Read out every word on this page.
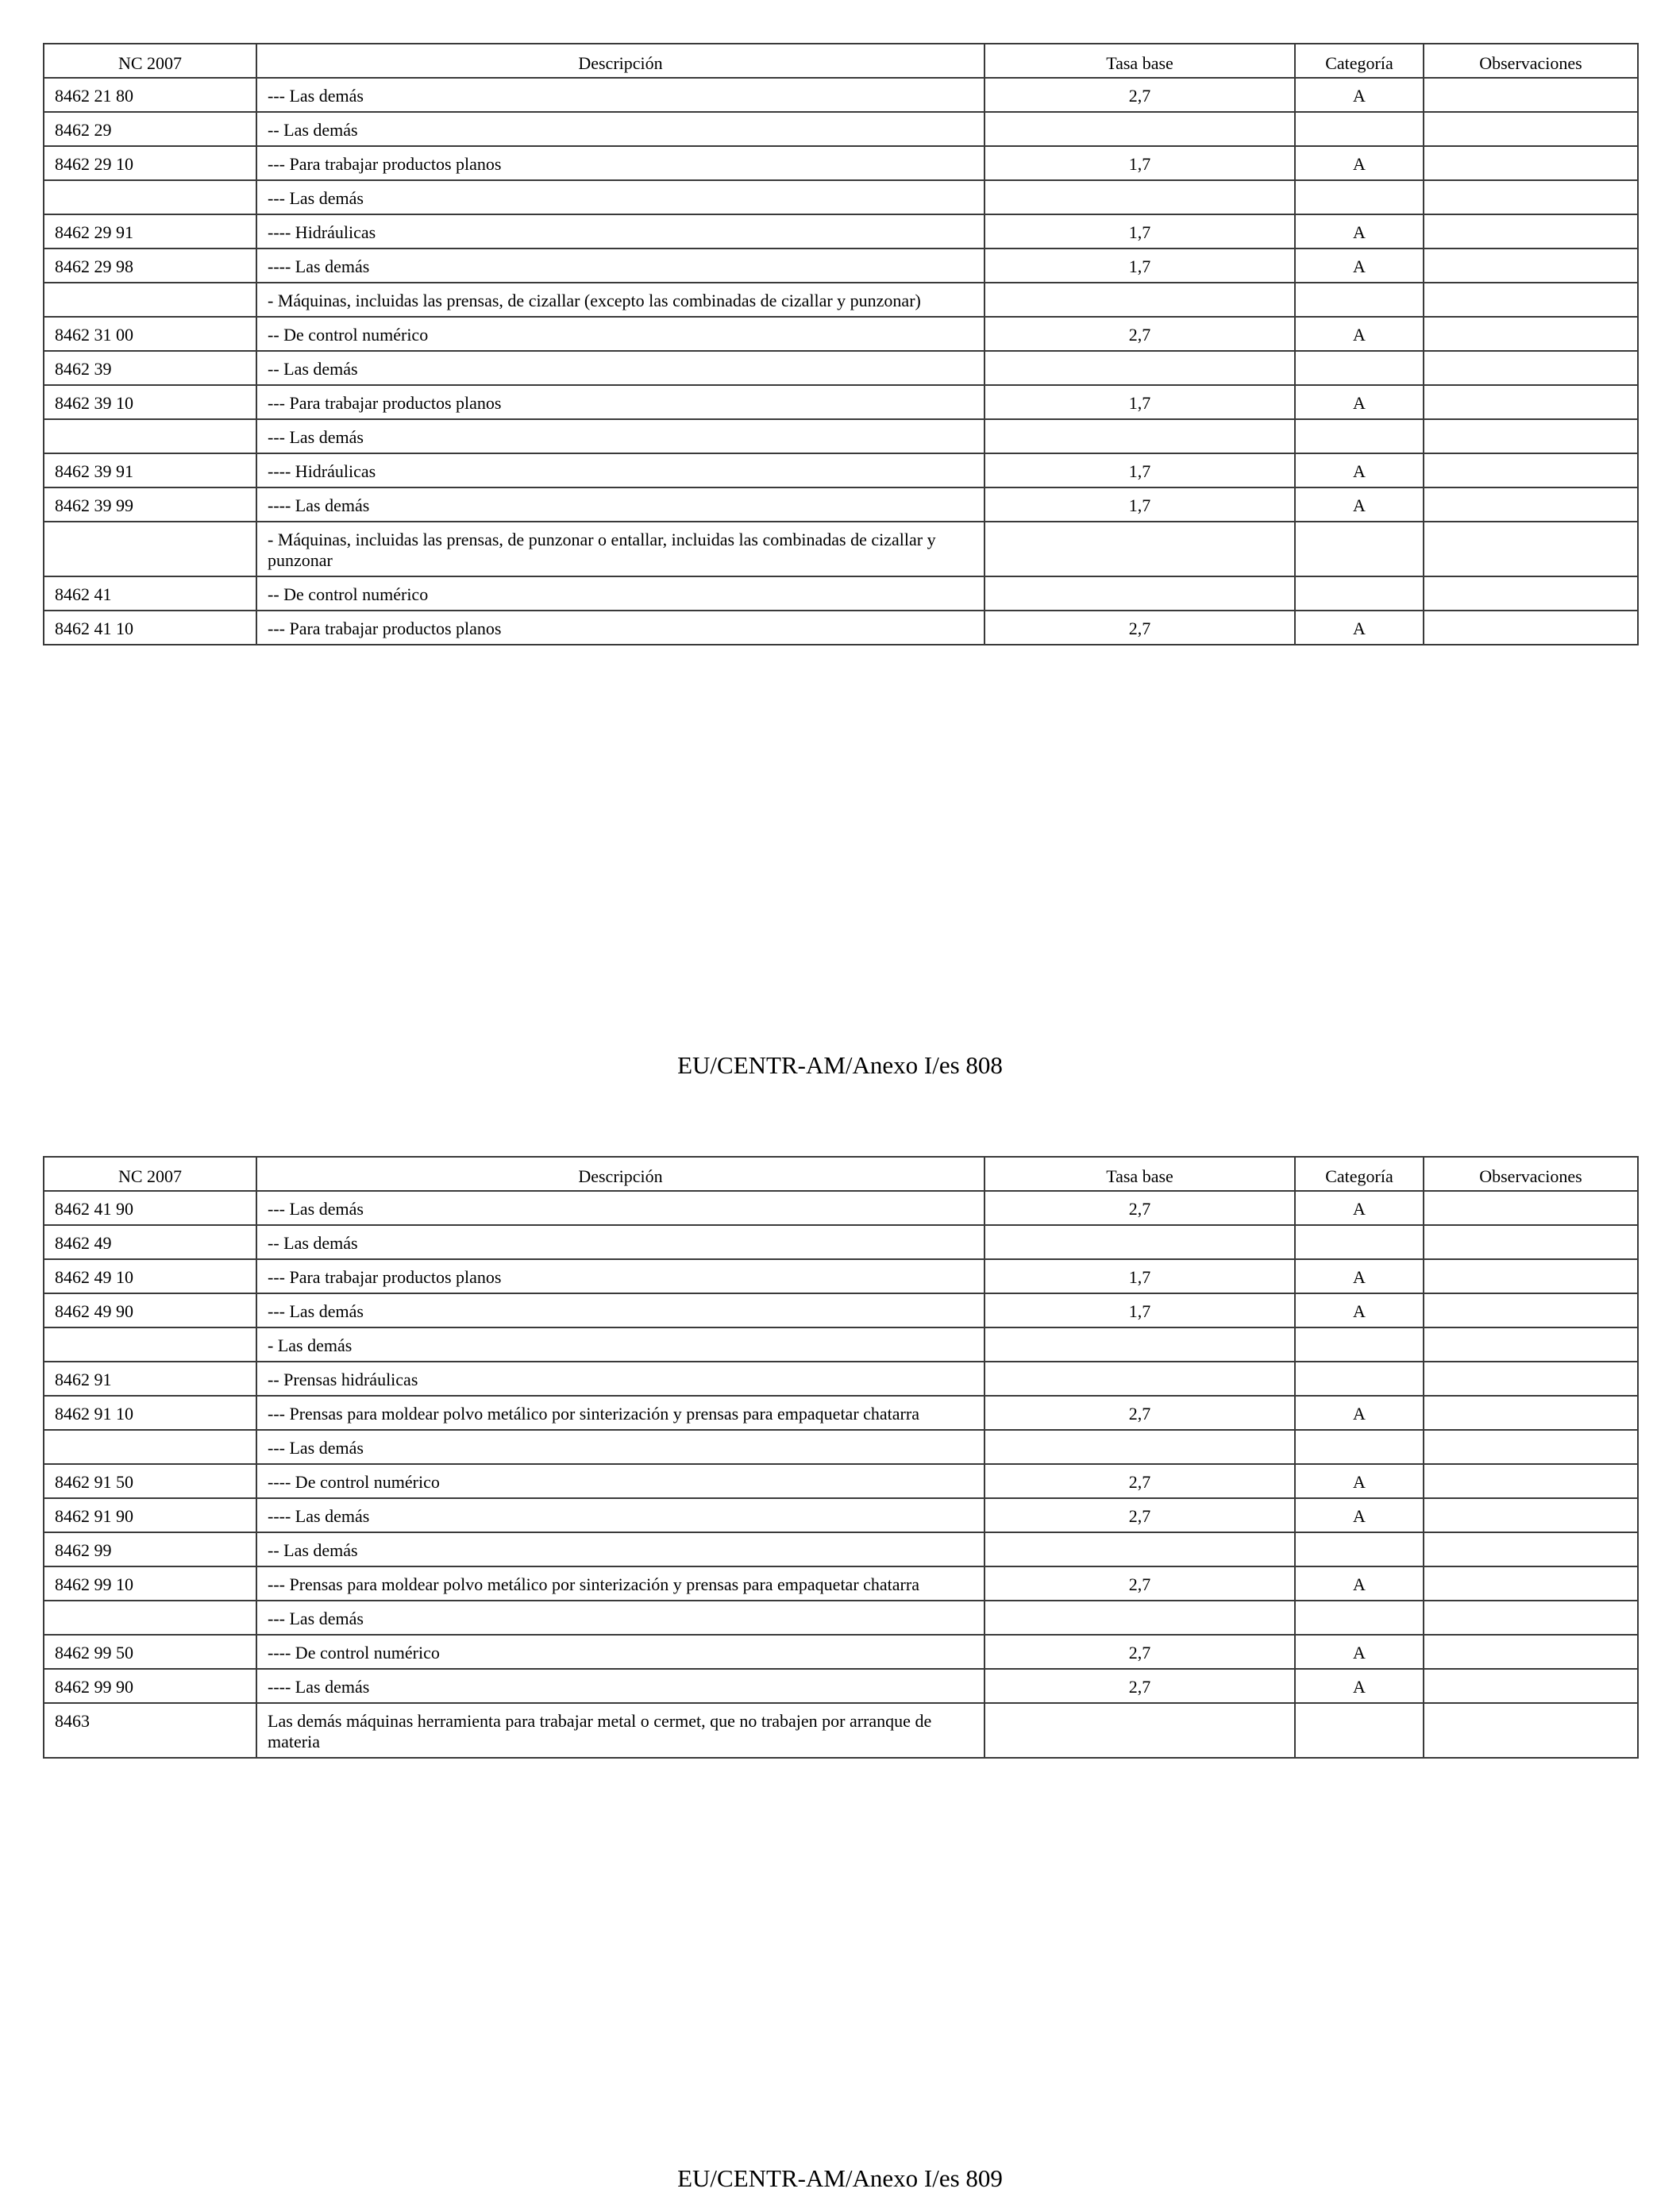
NC 2007	Descripción	Tasa base	Categoría	Observaciones
8462 21 80	--- Las demás	2,7	A	
8462 29	-- Las demás			
8462 29 10	--- Para trabajar productos planos	1,7	A	
	--- Las demás			
8462 29 91	---- Hidráulicas	1,7	A	
8462 29 98	---- Las demás	1,7	A	
	- Máquinas, incluidas las prensas, de cizallar (excepto las combinadas de cizallar y punzonar)			
8462 31 00	-- De control numérico	2,7	A	
8462 39	-- Las demás			
8462 39 10	--- Para trabajar productos planos	1,7	A	
	--- Las demás			
8462 39 91	---- Hidráulicas	1,7	A	
8462 39 99	---- Las demás	1,7	A	
	- Máquinas, incluidas las prensas, de punzonar o entallar, incluidas las combinadas de cizallar y punzonar			
8462 41	-- De control numérico			
8462 41 10	--- Para trabajar productos planos	2,7	A	
EU/CENTR-AM/Anexo I/es 808
NC 2007	Descripción	Tasa base	Categoría	Observaciones
8462 41 90	--- Las demás	2,7	A	
8462 49	-- Las demás			
8462 49 10	--- Para trabajar productos planos	1,7	A	
8462 49 90	--- Las demás	1,7	A	
	- Las demás			
8462 91	-- Prensas hidráulicas			
8462 91 10	--- Prensas para moldear polvo metálico por sinterización y prensas para empaquetar chatarra	2,7	A	
	--- Las demás			
8462 91 50	---- De control numérico	2,7	A	
8462 91 90	---- Las demás	2,7	A	
8462 99	-- Las demás			
8462 99 10	--- Prensas para moldear polvo metálico por sinterización y prensas para empaquetar chatarra	2,7	A	
	--- Las demás			
8462 99 50	---- De control numérico	2,7	A	
8462 99 90	---- Las demás	2,7	A	
8463	Las demás máquinas herramienta para trabajar metal o cermet, que no trabajen por arranque de materia			
EU/CENTR-AM/Anexo I/es 809
